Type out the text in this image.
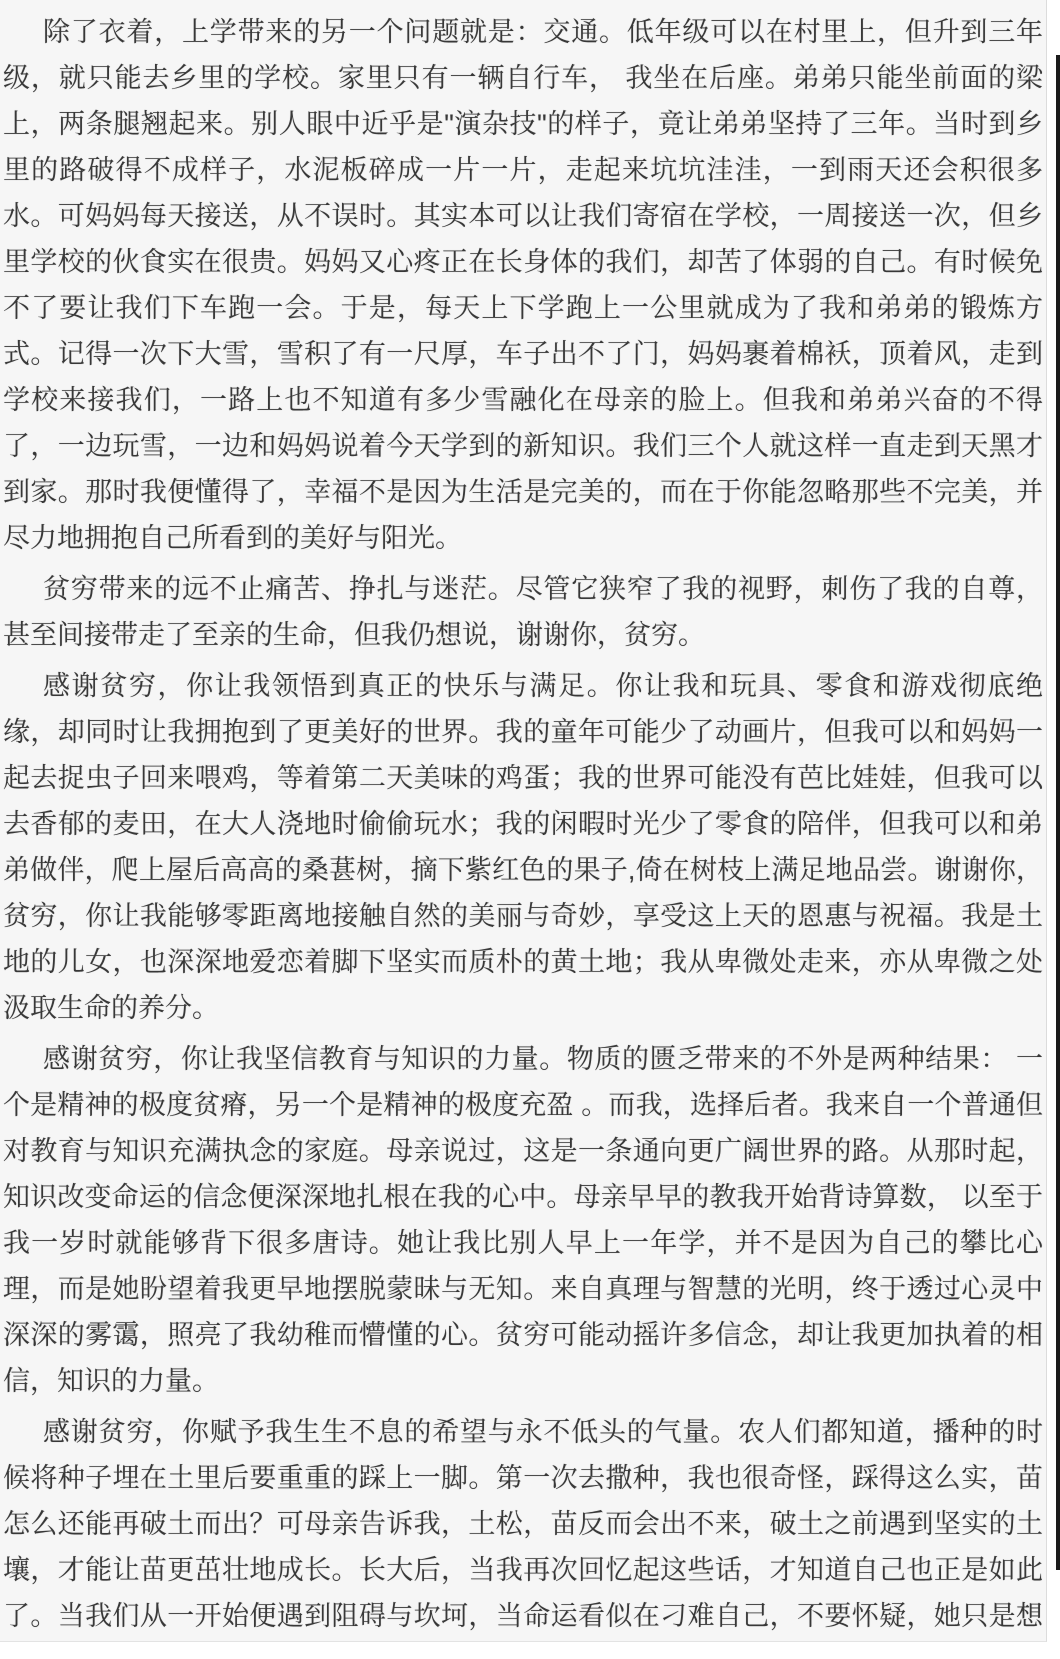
除了衣着，上学带来的另一个问题就是：交通。低年级可以在村里上，但升到三年
级，就只能去乡里的学校。家里只有一辆自行车， 我坐在后座。弟弟只能坐前面的梁
上，两条腿翘起来。别人眼中近乎是"演杂技"的样子，竟让弟弟坚持了三年。当时到乡
里的路破得不成样子，水泥板碎成一片一片，走起来坑坑洼洼，一到雨天还会积很多
水。可妈妈每天接送，从不误时。其实本可以让我们寄宿在学校，一周接送一次，但乡
里学校的伙食实在很贵。妈妈又心疼正在长身体的我们，却苦了体弱的自己。有时候免
不了要让我们下车跑一会。于是，每天上下学跑上一公里就成为了我和弟弟的锻炼方
式。记得一次下大雪，雪积了有一尺厚，车子出不了门，妈妈裹着棉袄，顶着风，走到
学校来接我们，一路上也不知道有多少雪融化在母亲的脸上。但我和弟弟兴奋的不得
了，一边玩雪，一边和妈妈说着今天学到的新知识。我们三个人就这样一直走到天黑才
到家。那时我便懂得了，幸福不是因为生活是完美的，而在于你能忽略那些不完美，并
尽力地拥抱自己所看到的美好与阳光。
贫穷带来的远不止痛苦、挣扎与迷茫。尽管它狭窄了我的视野，刺伤了我的自尊，
甚至间接带走了至亲的生命，但我仍想说，谢谢你，贫穷。
感谢贫穷，你让我领悟到真正的快乐与满足。你让我和玩具、零食和游戏彻底绝
缘，却同时让我拥抱到了更美好的世界。我的童年可能少了动画片，但我可以和妈妈一
起去捉虫子回来喂鸡，等着第二天美味的鸡蛋；我的世界可能没有芭比娃娃，但我可以
去香郁的麦田，在大人浇地时偷偷玩水；我的闲暇时光少了零食的陪伴，但我可以和弟
弟做伴，爬上屋后高高的桑葚树，摘下紫红色的果子,倚在树枝上满足地品尝。谢谢你，
贫穷，你让我能够零距离地接触自然的美丽与奇妙，享受这上天的恩惠与祝福。我是土
地的儿女，也深深地爱恋着脚下坚实而质朴的黄土地；我从卑微处走来，亦从卑微之处
汲取生命的养分。
感谢贫穷，你让我坚信教育与知识的力量。物质的匮乏带来的不外是两种结果： 一
个是精神的极度贫瘠，另一个是精神的极度充盈 。而我，选择后者。我来自一个普通但
对教育与知识充满执念的家庭。母亲说过，这是一条通向更广阔世界的路。从那时起，
知识改变命运的信念便深深地扎根在我的心中。母亲早早的教我开始背诗算数， 以至于
我一岁时就能够背下很多唐诗。她让我比别人早上一年学，并不是因为自己的攀比心
理，而是她盼望着我更早地摆脱蒙昧与无知。来自真理与智慧的光明，终于透过心灵中
深深的雾霭，照亮了我幼稚而懵懂的心。贫穷可能动摇许多信念，却让我更加执着的相
信，知识的力量。
感谢贫穷，你赋予我生生不息的希望与永不低头的气量。农人们都知道，播种的时
候将种子埋在土里后要重重的踩上一脚。第一次去撒种，我也很奇怪，踩得这么实，苗
怎么还能再破土而出？可母亲告诉我，土松，苗反而会出不来，破土之前遇到坚实的土
壤，才能让苗更茁壮地成长。长大后，当我再次回忆起这些话，才知道自己也正是如此
了。当我们从一开始便遇到阻碍与坎坷，当命运看似在刁难自己，不要怀疑，她只是想
